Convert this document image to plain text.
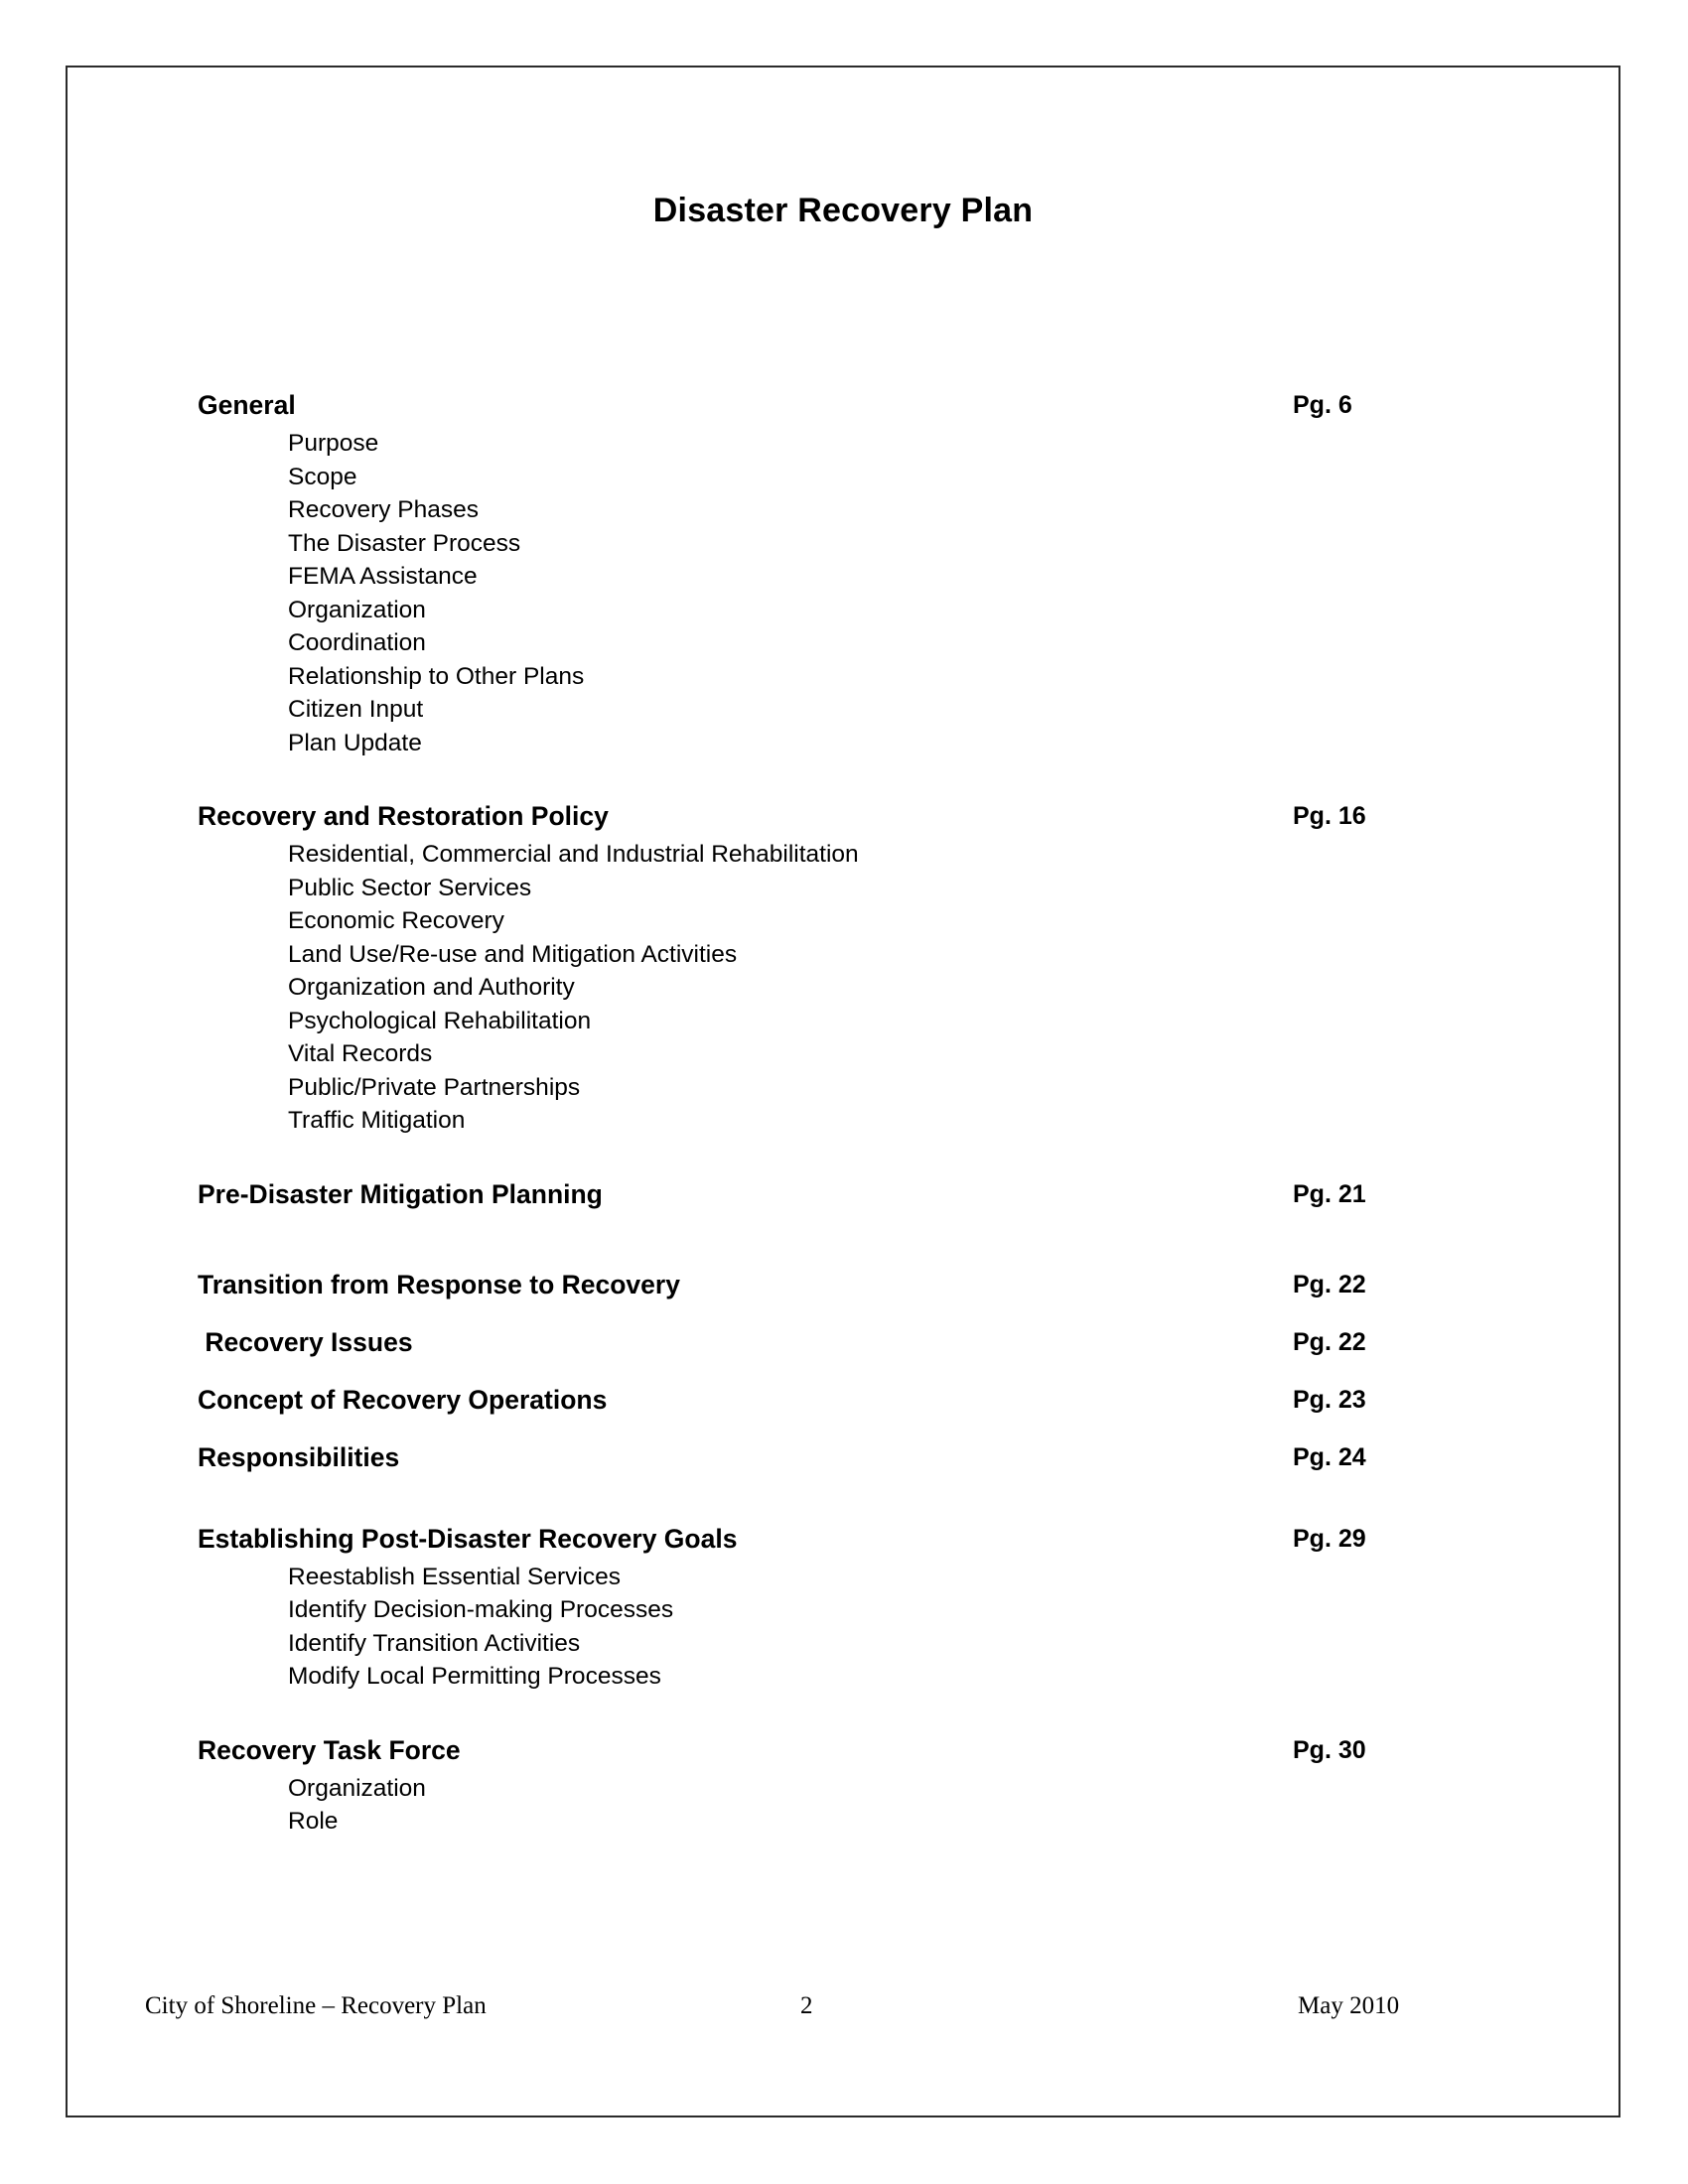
Disaster Recovery Plan
General	Pg. 6
Purpose
Scope
Recovery Phases
The Disaster Process
FEMA Assistance
Organization
Coordination
Relationship to Other Plans
Citizen Input
Plan Update
Recovery and Restoration Policy	Pg. 16
Residential, Commercial and Industrial Rehabilitation
Public Sector Services
Economic Recovery
Land Use/Re-use and Mitigation Activities
Organization and Authority
Psychological Rehabilitation
Vital Records
Public/Private Partnerships
Traffic Mitigation
Pre-Disaster Mitigation Planning	Pg. 21
Transition from Response to Recovery	Pg. 22
Recovery Issues	Pg. 22
Concept of Recovery Operations	Pg. 23
Responsibilities	Pg. 24
Establishing Post-Disaster Recovery Goals	Pg. 29
Reestablish Essential Services
Identify Decision-making Processes
Identify Transition Activities
Modify Local Permitting Processes
Recovery Task Force	Pg. 30
Organization
Role
City of Shoreline – Recovery Plan	2	May 2010
